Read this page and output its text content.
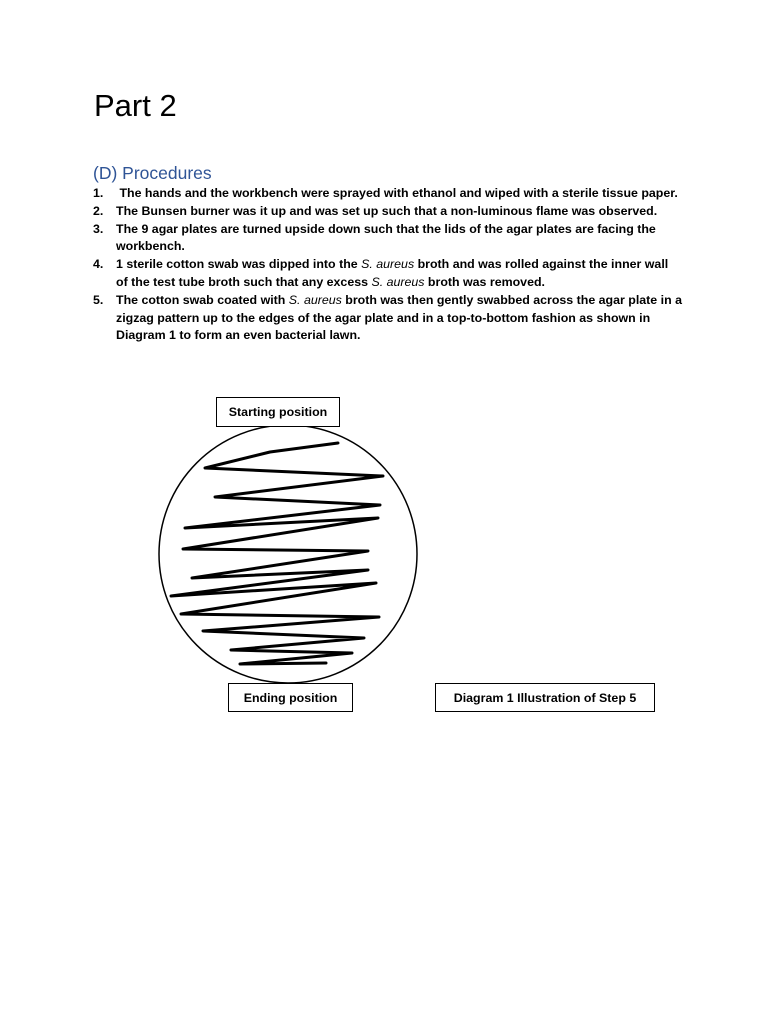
Part 2
(D) Procedures
1. The hands and the workbench were sprayed with ethanol and wiped with a sterile tissue paper.
2. The Bunsen burner was it up and was set up such that a non-luminous flame was observed.
3. The 9 agar plates are turned upside down such that the lids of the agar plates are facing the workbench.
4. 1 sterile cotton swab was dipped into the S. aureus broth and was rolled against the inner wall of the test tube broth such that any excess S. aureus broth was removed.
5. The cotton swab coated with S. aureus broth was then gently swabbed across the agar plate in a zigzag pattern up to the edges of the agar plate and in a top-to-bottom fashion as shown in Diagram 1 to form an even bacterial lawn.
Starting position
Ending position	Diagram 1 Illustration of Step 5
